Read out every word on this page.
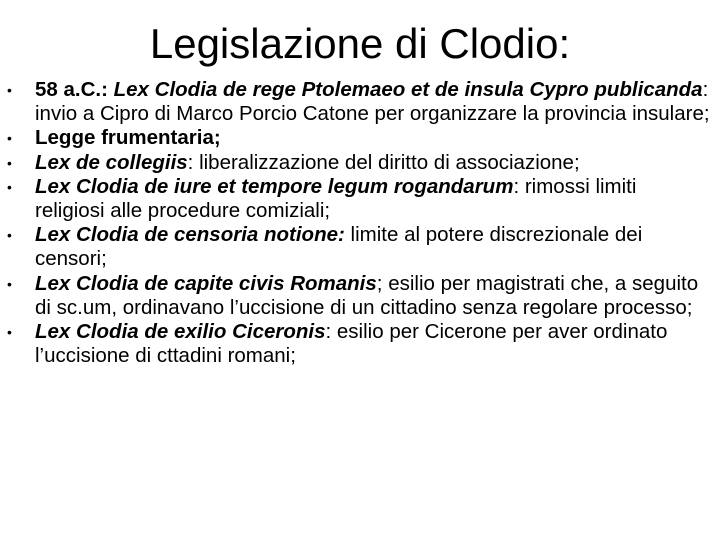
Legislazione di Clodio:
• 58 a.C.: Lex Clodia de rege Ptolemaeo et de insula Cypro publicanda: invio a Cipro di Marco Porcio Catone per organizzare la provincia insulare;
• Legge frumentaria;
• Lex de collegiis: liberalizzazione del diritto di associazione;
• Lex Clodia de iure et tempore legum rogandarum: rimossi limiti religiosi alle procedure comiziali;
• Lex Clodia de censoria notione: limite al potere discrezionale dei censori;
• Lex Clodia de capite civis Romanis; esilio per magistrati che, a seguito di sc.um, ordinavano l’uccisione di un cittadino senza regolare processo;
• Lex Clodia de exilio Ciceronis: esilio per Cicerone per aver ordinato l’uccisione di cttadini romani;
